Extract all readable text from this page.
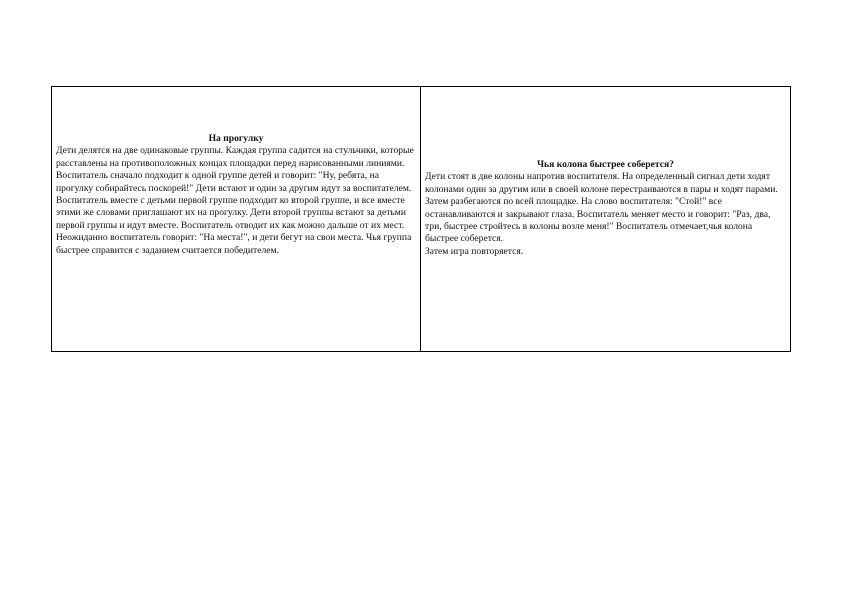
На прогулку

Дети делятся на две одинаковые группы. Каждая группа садится на стульчики, которые расставлены на противоположных концах площадки перед нарисованными линиями. Воспитатель сначало подходит к одной группе детей и говорит: "Ну, ребята, на прогулку собирайтесь поскорей!" Дети встают и один за другим идут за воспитателем. Воспитатель вместе с детьми первой группе подходит ко второй группе, и все вместе этими же словами приглашают их на прогулку. Дети второй группы встают за детьми первой группы и идут вместе. Воспитатель отводит их как можно дальше от их мест.

Неожиданно воспитатель говорит: "На места!", и дети бегут на свои места. Чья группа быстрее справится с заданием считается победителем.

Чья колона быстрее соберется?

Дети стоят в две колоны напротив воспитателя. На определенный сигнал дети ходят колонами один за другим или в своей колоне перестраиваются в пары и ходят парами. Затем разбегаются по всей площадке. На слово воспитателя: "Стой!" все останавливаются и закрывают глаза. Воспитатель меняет место и говорит: "Раз, два, три, быстрее стройтесь в колоны возле меня!" Воспитатель отмечает,чья колона быстрее соберется.

Затем игра повторяется.
